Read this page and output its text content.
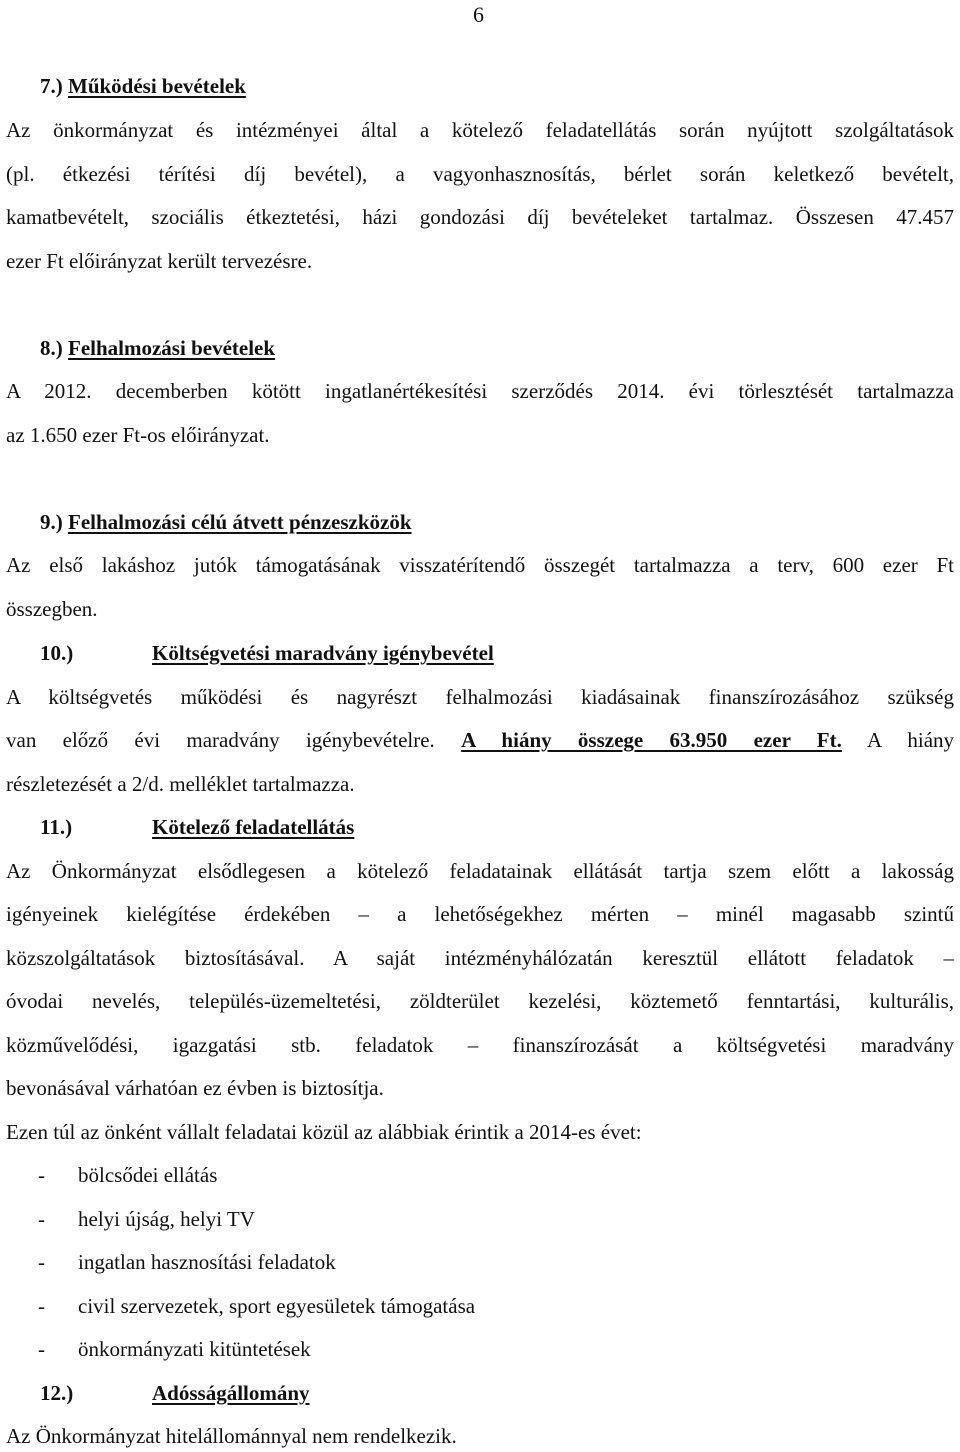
6
7.) Működési bevételek
Az önkormányzat és intézményei által a kötelező feladatellátás során nyújtott szolgáltatások
(pl. étkezési térítési díj bevétel), a vagyonhasznosítás, bérlet során keletkező bevételt,
kamatbevételt, szociális étkeztetési, házi gondozási díj bevételeket tartalmaz. Összesen 47.457
ezer Ft előirányzat került tervezésre.
8.) Felhalmozási bevételek
A 2012. decemberben kötött ingatlanértékesítési szerződés 2014. évi törlesztését tartalmazza
az 1.650 ezer Ft-os előirányzat.
9.) Felhalmozási célú átvett pénzeszközök
Az első lakáshoz jutók támogatásának visszatérítendő összegét tartalmazza a terv, 600 ezer Ft
összegben.
10.)	Költségvetési maradvány igénybevétel
A költségvetés működési és nagyrészt felhalmozási kiadásainak finanszírozásához szükség
van előző évi maradvány igénybevételre. A hiány összege 63.950 ezer Ft. A hiány
részletezését a 2/d. melléklet tartalmazza.
11.)	Kötelező feladatellátás
Az Önkormányzat elsődlegesen a kötelező feladatainak ellátását tartja szem előtt a lakosság
igényeinek kielégítése érdekében – a lehetőségekhez mérten – minél magasabb szintű
közszolgáltatások biztosításával. A saját intézményhálózatán keresztül ellátott feladatok –
óvodai nevelés, település-üzemeltetési, zöldterület kezelési, köztemető fenntartási, kulturális,
közművelődési, igazgatási stb. feladatok – finanszírozását a költségvetési maradvány
bevonásával várhatóan ez évben is biztosítja.
Ezen túl az önként vállalt feladatai közül az alábbiak érintik a 2014-es évet:
- bölcsődei ellátás
- helyi újság, helyi TV
- ingatlan hasznosítási feladatok
- civil szervezetek, sport egyesületek támogatása
- önkormányzati kitüntetések
12.)	Adósságállomány
Az Önkormányzat hitelállománnyal nem rendelkezik.
